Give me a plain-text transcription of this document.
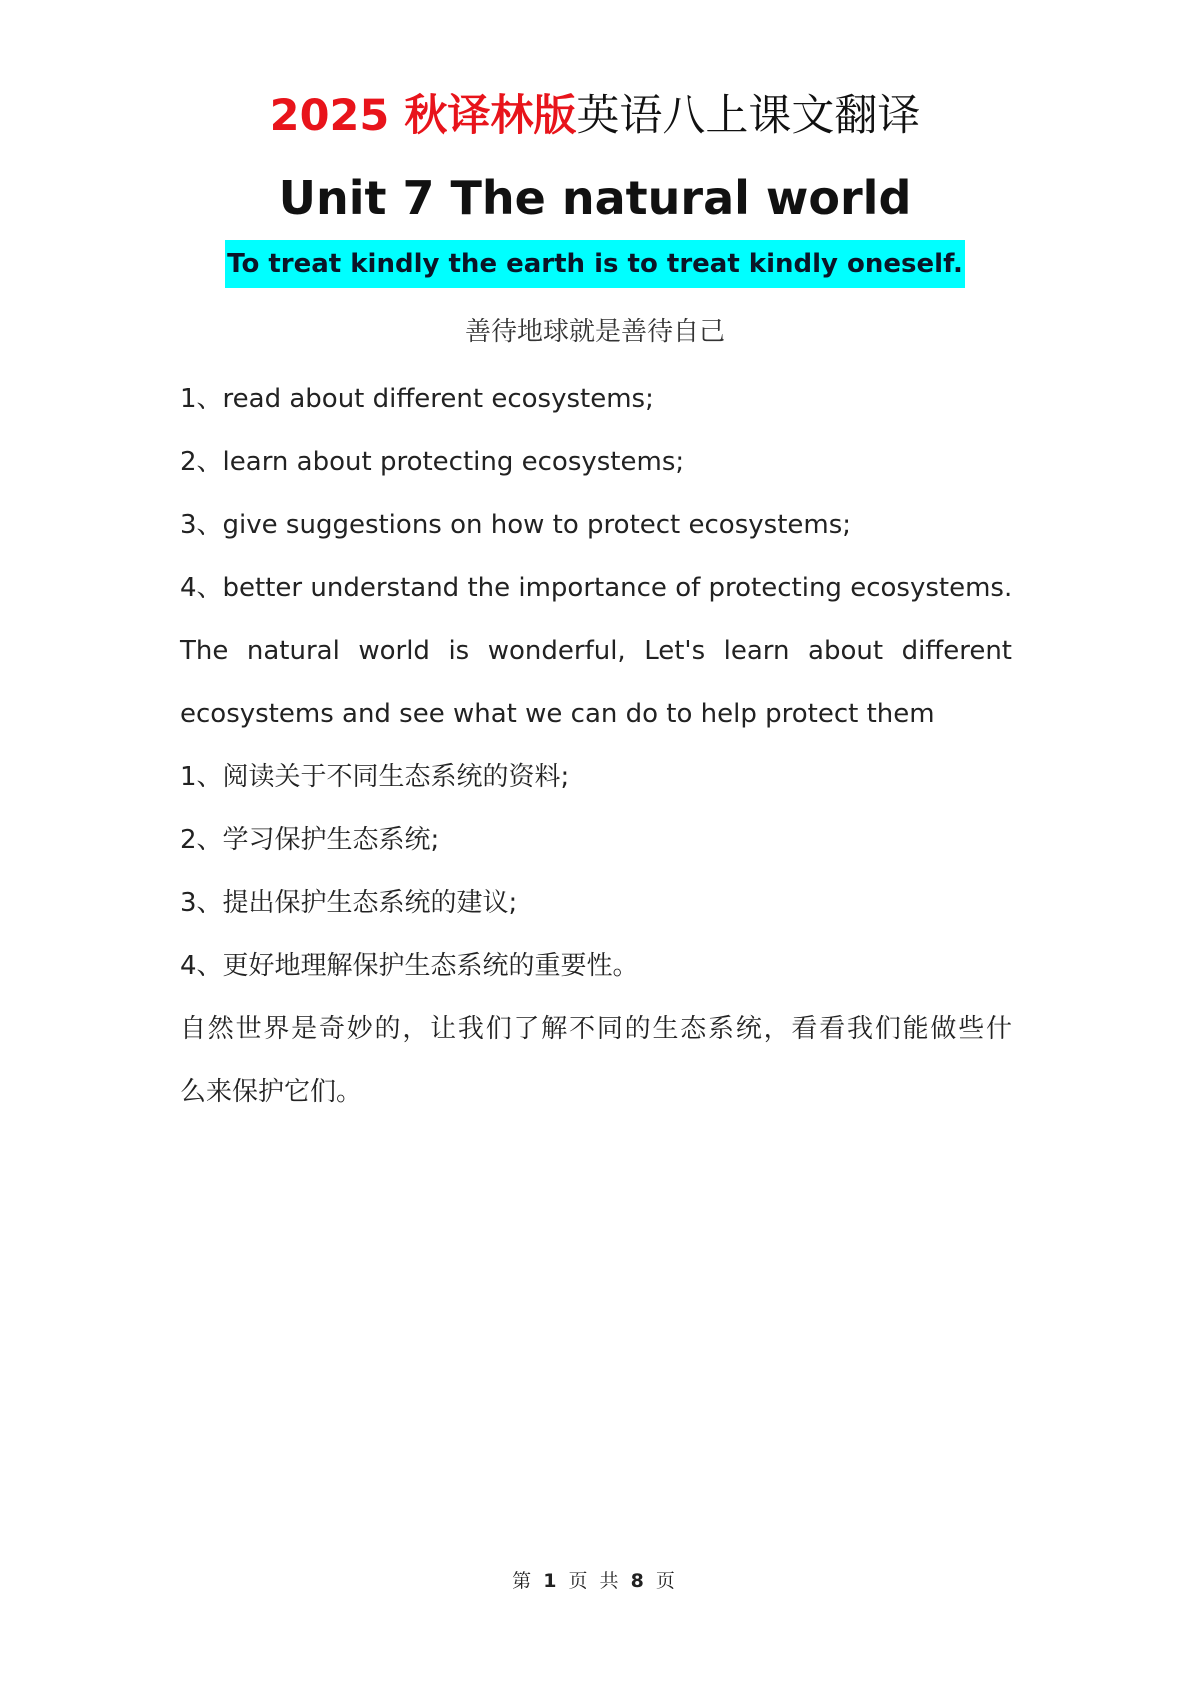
2025 秋译林版英语八上课文翻译
Unit 7 The natural world
To treat kindly the earth is to treat kindly oneself.
善待地球就是善待自己
1、read about different ecosystems;
2、learn about protecting ecosystems;
3、give suggestions on how to protect ecosystems;
4、better understand the importance of protecting ecosystems.
The natural world is wonderful, Let's learn about different
ecosystems and see what we can do to help protect them
1、阅读关于不同生态系统的资料;
2、学习保护生态系统;
3、提出保护生态系统的建议;
4、更好地理解保护生态系统的重要性。
自然世界是奇妙的，让我们了解不同的生态系统，看看我们能做些什
么来保护它们。
第 1 页 共 8 页
